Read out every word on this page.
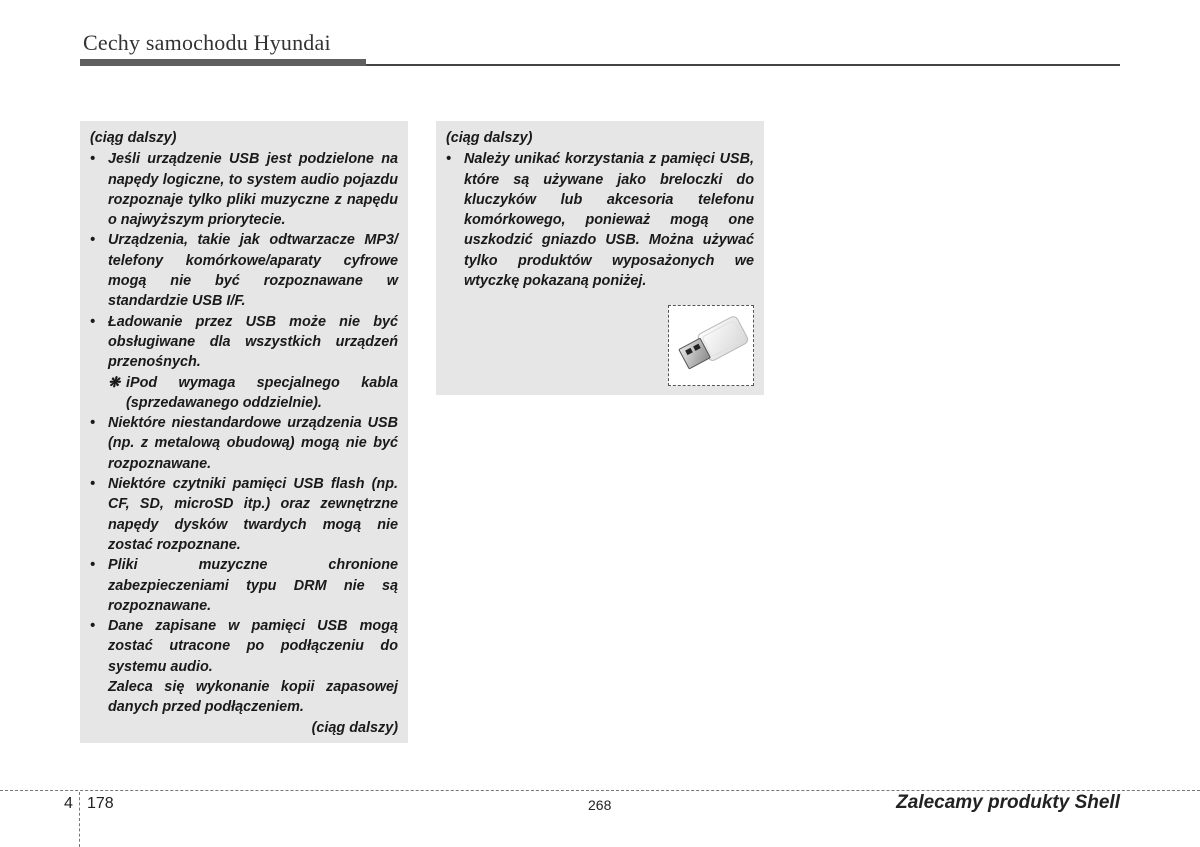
Cechy samochodu Hyundai
(ciąg dalszy)
• Jeśli urządzenie USB jest podzielone na napędy logiczne, to system audio pojazdu rozpoznaje tylko pliki muzyczne z napędu o najwyższym priorytecie.
• Urządzenia, takie jak odtwarzacze MP3/ telefony komórkowe/aparaty cyfrowe mogą nie być rozpoznawane w standardzie USB I/F.
• Ładowanie przez USB może nie być obsługiwane dla wszystkich urządzeń przenośnych.
❋ iPod wymaga specjalnego kabla (sprzedawanego oddzielnie).
• Niektóre niestandardowe urządzenia USB (np. z metalową obudową) mogą nie być rozpoznawane.
• Niektóre czytniki pamięci USB flash (np. CF, SD, microSD itp.) oraz zewnętrzne napędy dysków twardych mogą nie zostać rozpoznane.
• Pliki muzyczne chronione zabezpieczeniami typu DRM nie są rozpoznawane.
• Dane zapisane w pamięci USB mogą zostać utracone po podłączeniu do systemu audio.
Zaleca się wykonanie kopii zapasowej danych przed podłączeniem.
(ciąg dalszy)
(ciąg dalszy)
• Należy unikać korzystania z pamięci USB, które są używane jako breloczki do kluczyków lub akcesoria telefonu komórkowego, ponieważ mogą one uszkodzić gniazdo USB. Można używać tylko produktów wyposażonych we wtyczkę pokazaną poniżej.
4 178	268	Zalecamy produkty Shell
